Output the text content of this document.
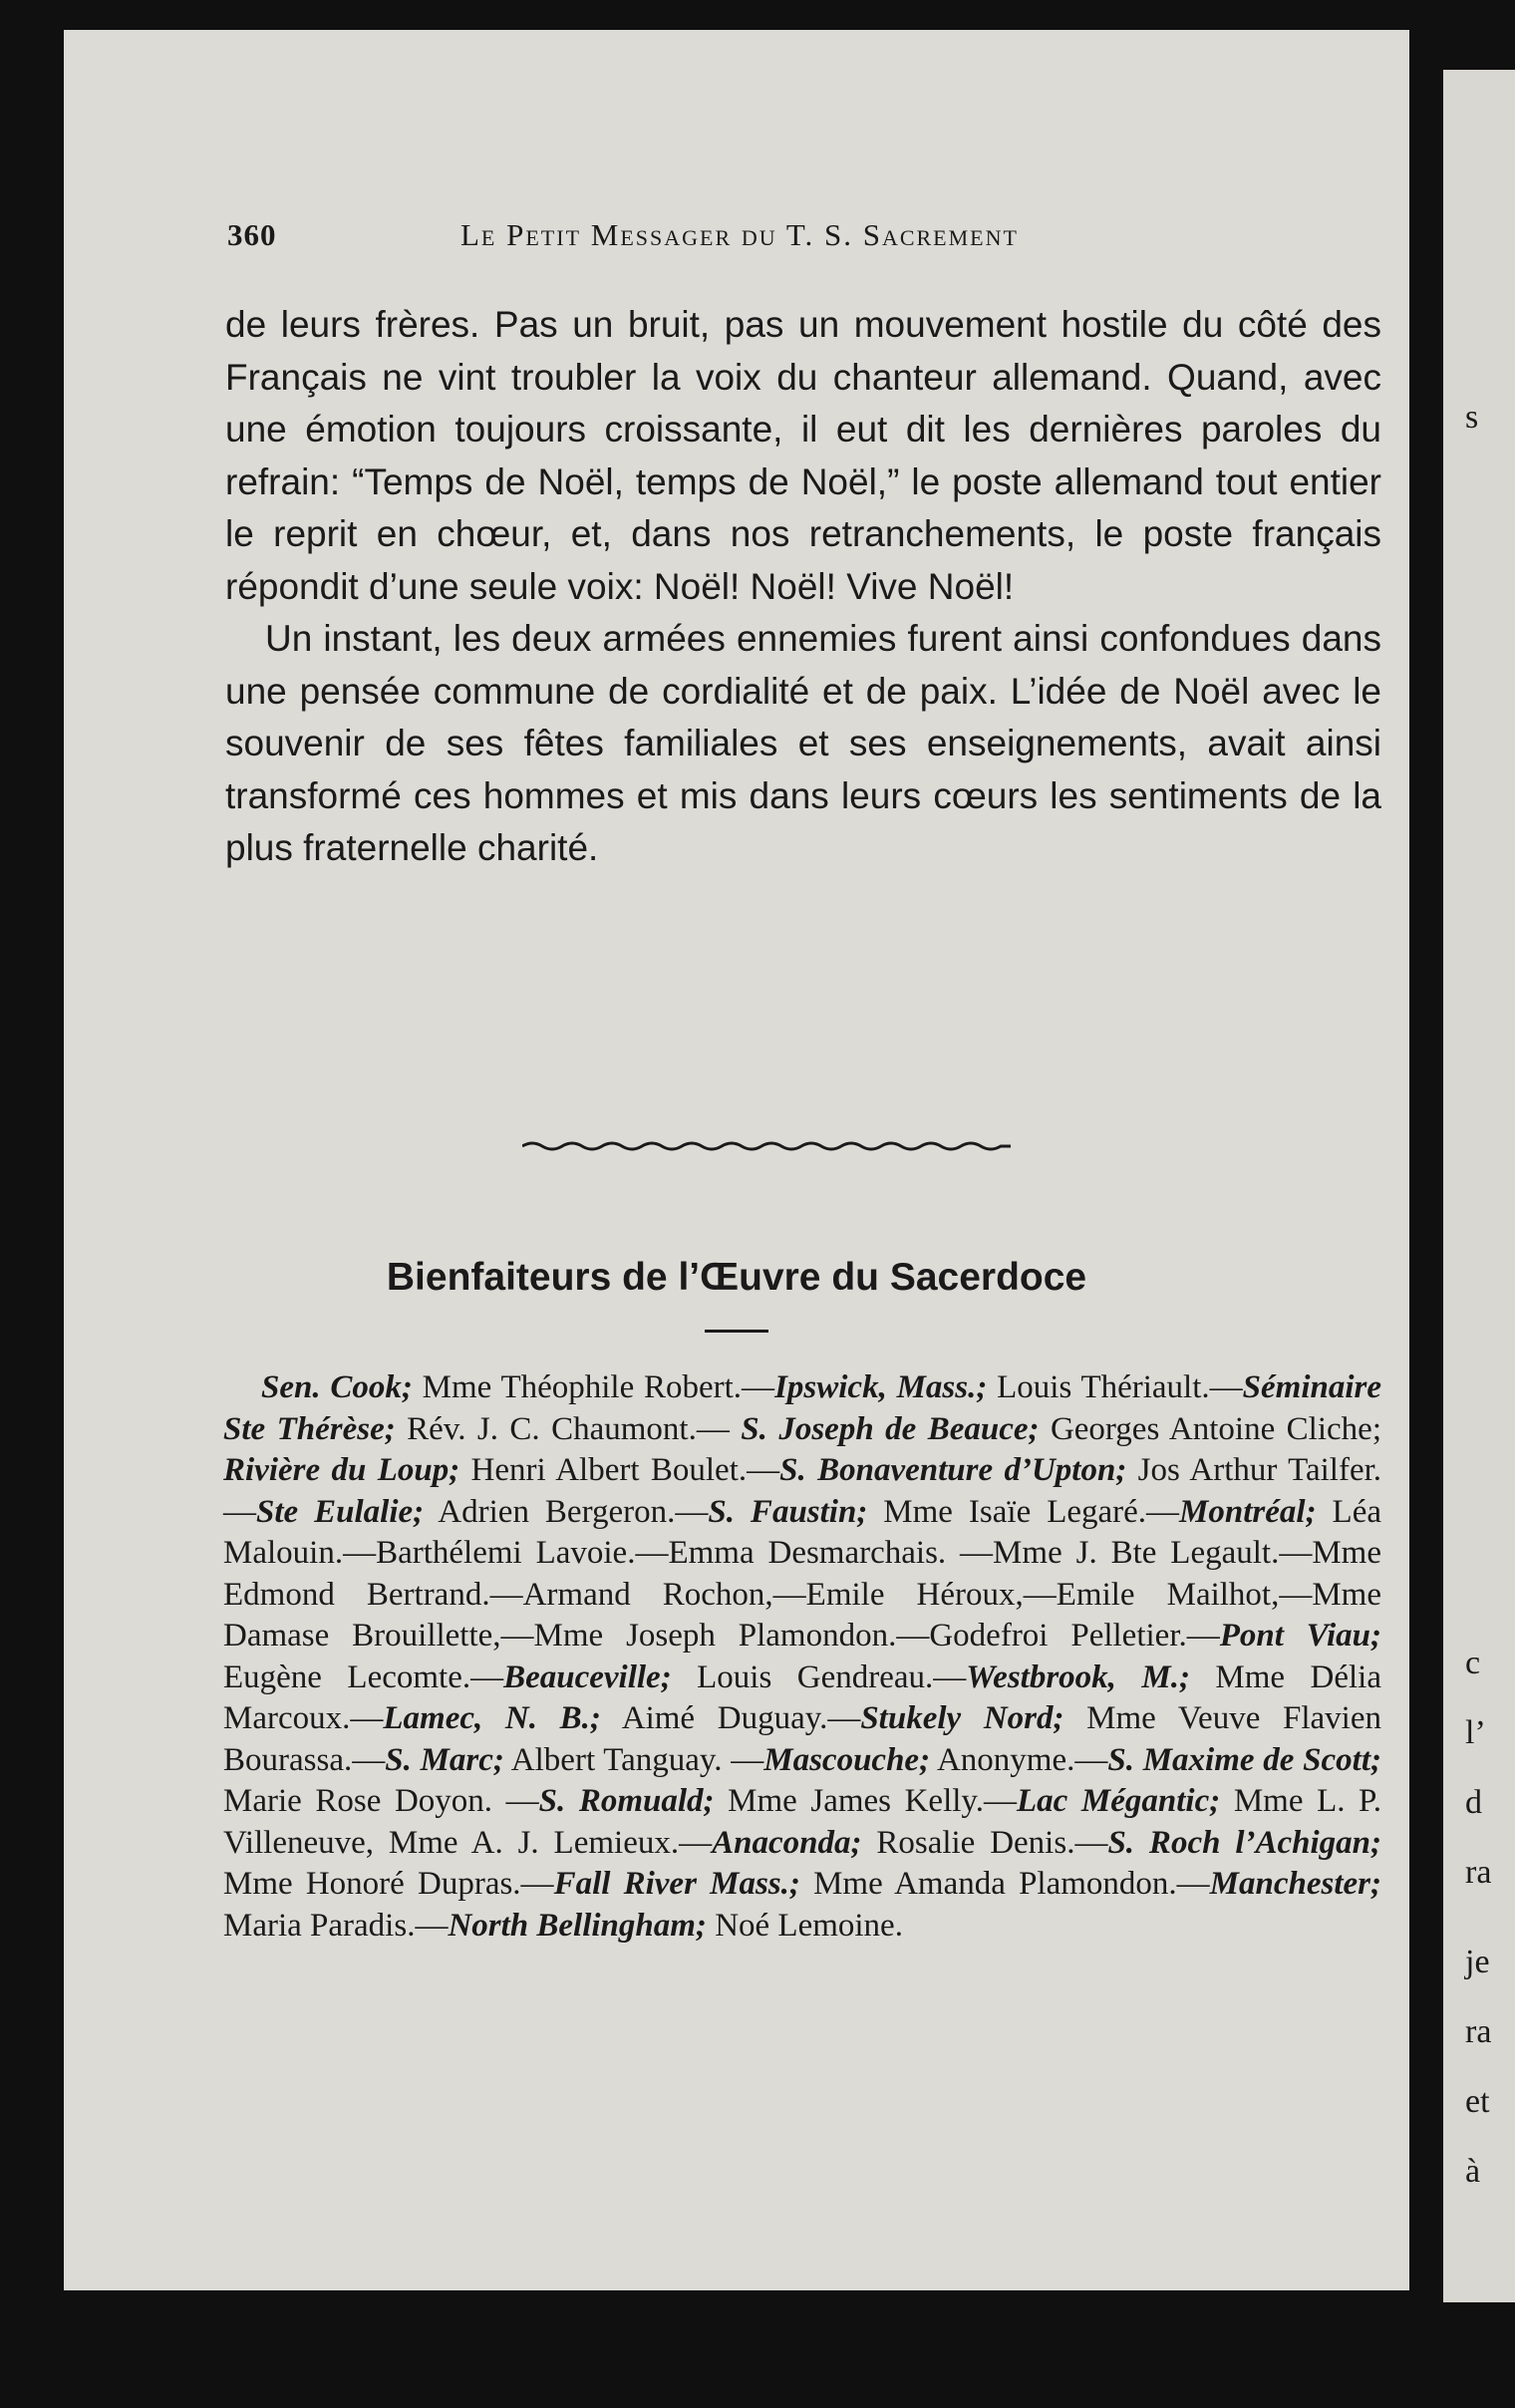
360	Le Petit Messager du T. S. Sacrement

de leurs frères. Pas un bruit, pas un mouvement hostile du côté des Français ne vint troubler la voix du chanteur allemand. Quand, avec une émotion toujours croissante, il eut dit les dernières paroles du refrain: “Temps de Noël, temps de Noël,” le poste allemand tout entier le reprit en chœur, et, dans nos retranchements, le poste français répondit d’une seule voix: Noël! Noël! Vive Noël!

Un instant, les deux armées ennemies furent ainsi confondues dans une pensée commune de cordialité et de paix. L’idée de Noël avec le souvenir de ses fêtes familiales et ses enseignements, avait ainsi transformé ces hommes et mis dans leurs cœurs les sentiments de la plus fraternelle charité.

Bienfaiteurs de l’Œuvre du Sacerdoce
Sen. Cook; Mme Théophile Robert.—Ipswick, Mass.; Louis Thériault.—Séminaire Ste Thérèse; Rév. J. C. Chaumont.— S. Joseph de Beauce; Georges Antoine Cliche; Rivière du Loup; Henri Albert Boulet.—S. Bonaventure d’Upton; Jos Arthur Tailfer.—Ste Eulalie; Adrien Bergeron.—S. Faustin; Mme Isaïe Legaré.—Montréal; Léa Malouin.—Barthélemi Lavoie.—Emma Desmarchais. —Mme J. Bte Legault.—Mme Edmond Bertrand.—Armand Rochon,—Emile Héroux,—Emile Mailhot,—Mme Damase Brouillette,—Mme Joseph Plamondon.—Godefroi Pelletier.—Pont Viau; Eugène Lecomte.—Beauceville; Louis Gendreau.—Westbrook, M.; Mme Délia Marcoux.—Lamec, N. B.; Aimé Duguay.—Stukely Nord; Mme Veuve Flavien Bourassa.—S. Marc; Albert Tanguay. —Mascouche; Anonyme.—S. Maxime de Scott; Marie Rose Doyon. —S. Romuald; Mme James Kelly.—Lac Mégantic; Mme L. P. Villeneuve, Mme A. J. Lemieux.—Anaconda; Rosalie Denis.—S. Roch l’Achigan; Mme Honoré Dupras.—Fall River Mass.; Mme Amanda Plamondon.—Manchester; Maria Paradis.—North Bellingham; Noé Lemoine.
s
c
l’
d
ra
je
ra
et
à
